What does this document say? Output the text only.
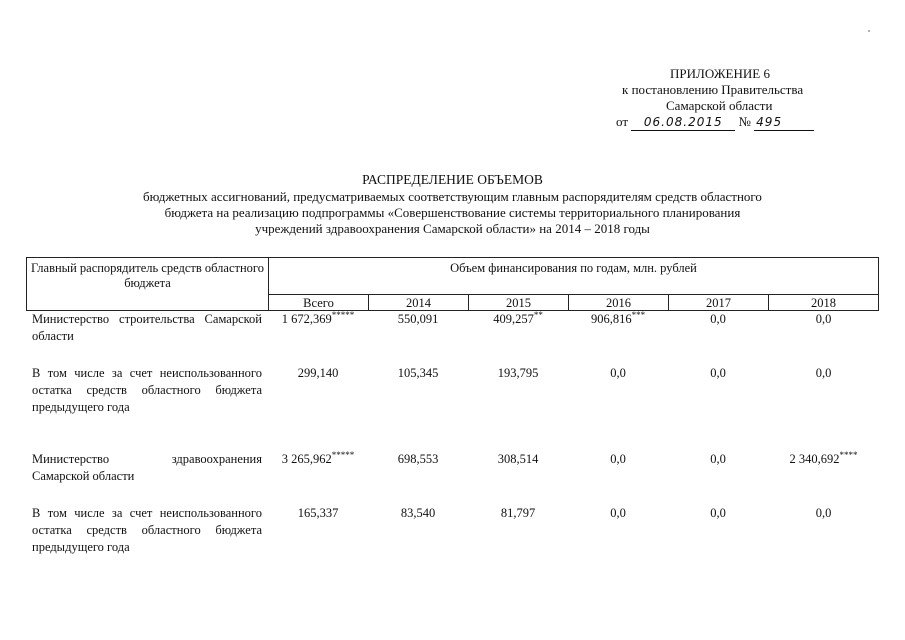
ПРИЛОЖЕНИЕ 6
к постановлению Правительства
Самарской области
от 06.08.2015 № 495
РАСПРЕДЕЛЕНИЕ ОБЪЕМОВ
бюджетных ассигнований, предусматриваемых соответствующим главным распорядителям средств областного
бюджета на реализацию подпрограммы «Совершенствование системы территориального планирования
учреждений здравоохранения Самарской области» на 2014 – 2018 годы
Главный распорядитель средств областного бюджета
Объем финансирования по годам, млн. рублей
Всего	2014	2015	2016	2017	2018
Министерство строительства Самарской области
1 672,369*****	550,091	409,257**	906,816***	0,0	0,0
В том числе за счет неиспользованного остатка средств областного бюджета предыдущего года
299,140	105,345	193,795	0,0	0,0	0,0
Министерство здравоохранения Самарской области
3 265,962*****	698,553	308,514	0,0	0,0	2 340,692****
В том числе за счет неиспользованного остатка средств областного бюджета предыдущего года
165,337	83,540	81,797	0,0	0,0	0,0
